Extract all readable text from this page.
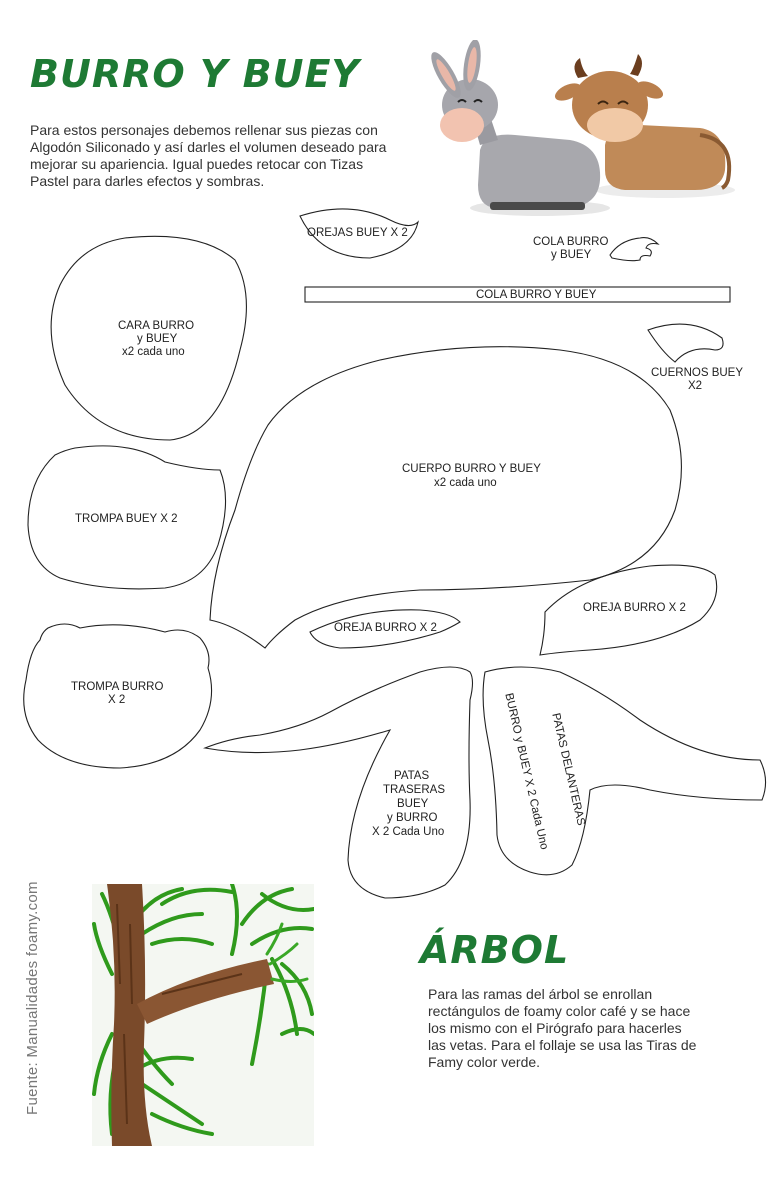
BURRO Y BUEY

Para estos personajes debemos rellenar sus piezas con Algodón Siliconado y así darles el volumen deseado para mejorar su apariencia. Igual puedes retocar con Tizas Pastel para darles efectos y sombras.

OREJAS BUEY X 2
COLA BURRO
y BUEY
COLA BURRO Y BUEY
CARA BURRO
y BUEY
x2 cada uno
CUERNOS BUEY
X2
CUERPO BURRO Y BUEY
x2 cada uno
TROMPA BUEY X 2
OREJA BURRO X 2
OREJA BURRO X 2
TROMPA BURRO
X 2
PATAS
TRASERAS
BUEY
y BURRO
X 2 Cada Uno
PATAS DELANTERAS
BURRO y BUEY X 2 Cada Uno
Fuente: Manualidades foamy.com	ÁRBOL

Para las ramas del árbol se enrollan rectángulos de foamy color café y se hace los mismo con el Pirógrafo para hacerles las vetas. Para el follaje se usa las Tiras de Famy color verde.
